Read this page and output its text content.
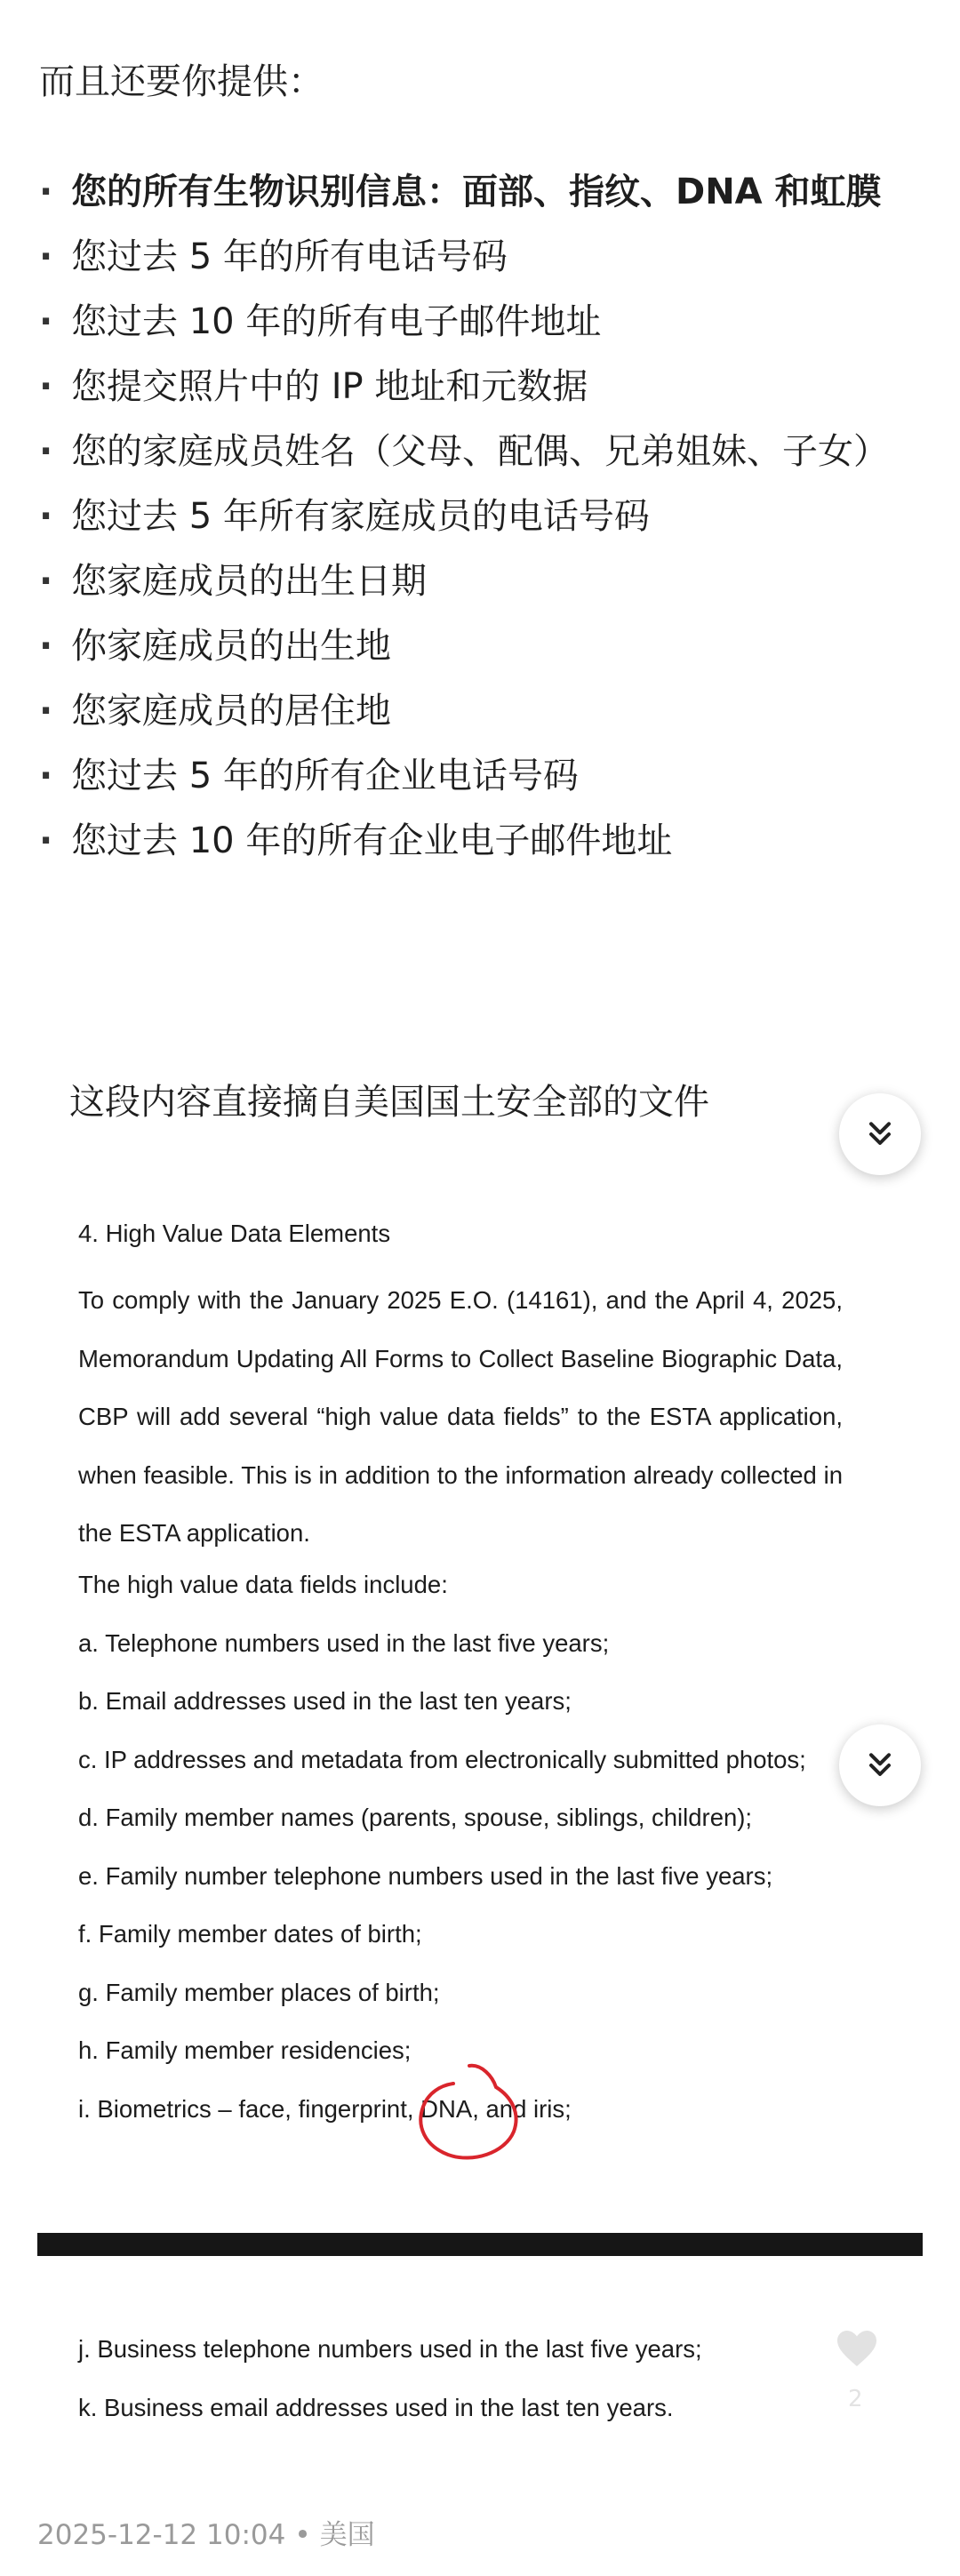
而且还要你提供：
· 您的所有生物识别信息：面部、指纹、DNA 和虹膜
· 您过去 5 年的所有电话号码
· 您过去 10 年的所有电子邮件地址
· 您提交照片中的 IP 地址和元数据
· 您的家庭成员姓名（父母、配偶、兄弟姐妹、子女）
· 您过去 5 年所有家庭成员的电话号码
· 您家庭成员的出生日期
· 你家庭成员的出生地
· 您家庭成员的居住地
· 您过去 5 年的所有企业电话号码
· 您过去 10 年的所有企业电子邮件地址
这段内容直接摘自美国国土安全部的文件
4. High Value Data Elements
To comply with the January 2025 E.O. (14161), and the April 4, 2025, Memorandum Updating All Forms to Collect Baseline Biographic Data, CBP will add several “high value data fields” to the ESTA application, when feasible. This is in addition to the information already collected in the ESTA application.
The high value data fields include:
a. Telephone numbers used in the last five years;
b. Email addresses used in the last ten years;
c. IP addresses and metadata from electronically submitted photos;
d. Family member names (parents, spouse, siblings, children);
e. Family number telephone numbers used in the last five years;
f. Family member dates of birth;
g. Family member places of birth;
h. Family member residencies;
i. Biometrics – face, fingerprint, DNA, and iris;
j. Business telephone numbers used in the last five years;
k. Business email addresses used in the last ten years.	2
2025-12-12 10:04 • 美国
